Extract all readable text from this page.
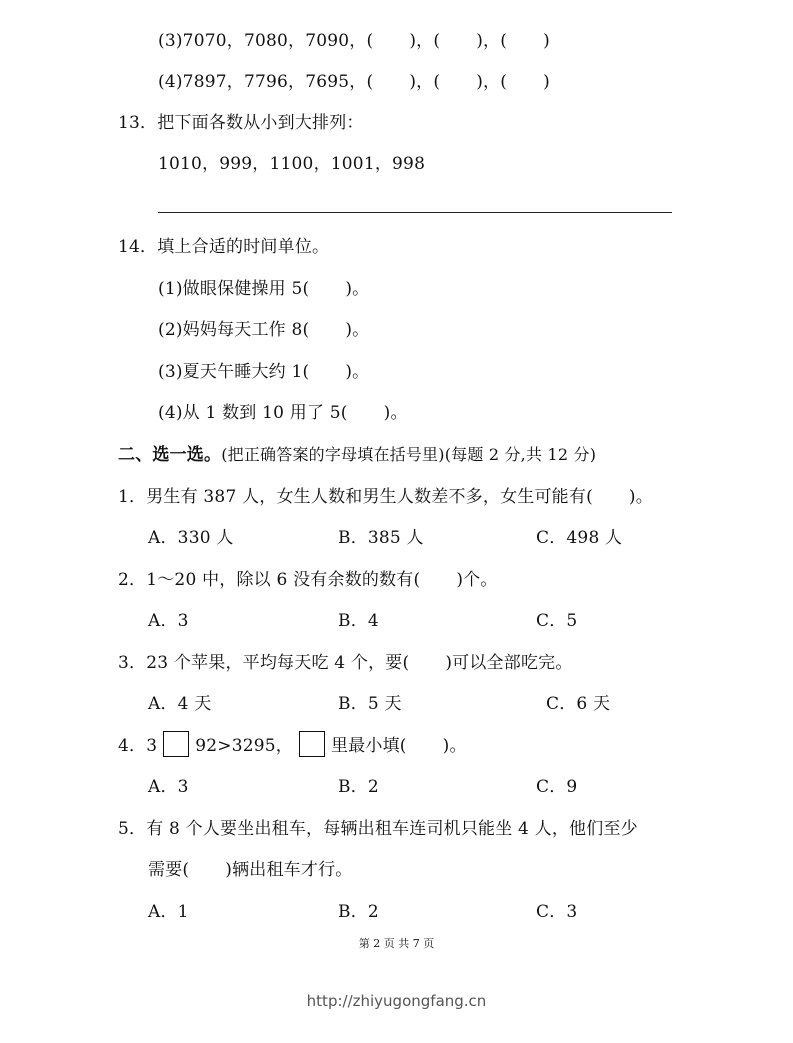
(3)7070，7080，7090，( )，( )，( )
(4)7897，7796，7695，( )，( )，( )
13．把下面各数从小到大排列：
1010，999，1100，1001，998
14．填上合适的时间单位。
(1)做眼保健操用 5( )。
(2)妈妈每天工作 8( )。
(3)夏天午睡大约 1( )。
(4)从 1 数到 10 用了 5( )。
二、选一选。(把正确答案的字母填在括号里)(每题 2 分,共 12 分)
1．男生有 387 人，女生人数和男生人数差不多，女生可能有( )。
A．330 人	B．385 人	C．498 人
2．1～20 中，除以 6 没有余数的数有( )个。
A．3	B．4	C．5
3．23 个苹果，平均每天吃 4 个，要( )可以全部吃完。
A．4 天	B．5 天	C．6 天
4．3 92>3295， 里最小填( )。
A．3	B．2	C．9
5．有 8 个人要坐出租车，每辆出租车连司机只能坐 4 人，他们至少
需要( )辆出租车才行。
A．1	B．2	C．3
第 2 页 共 7 页
http://zhiyugongfang.cn
